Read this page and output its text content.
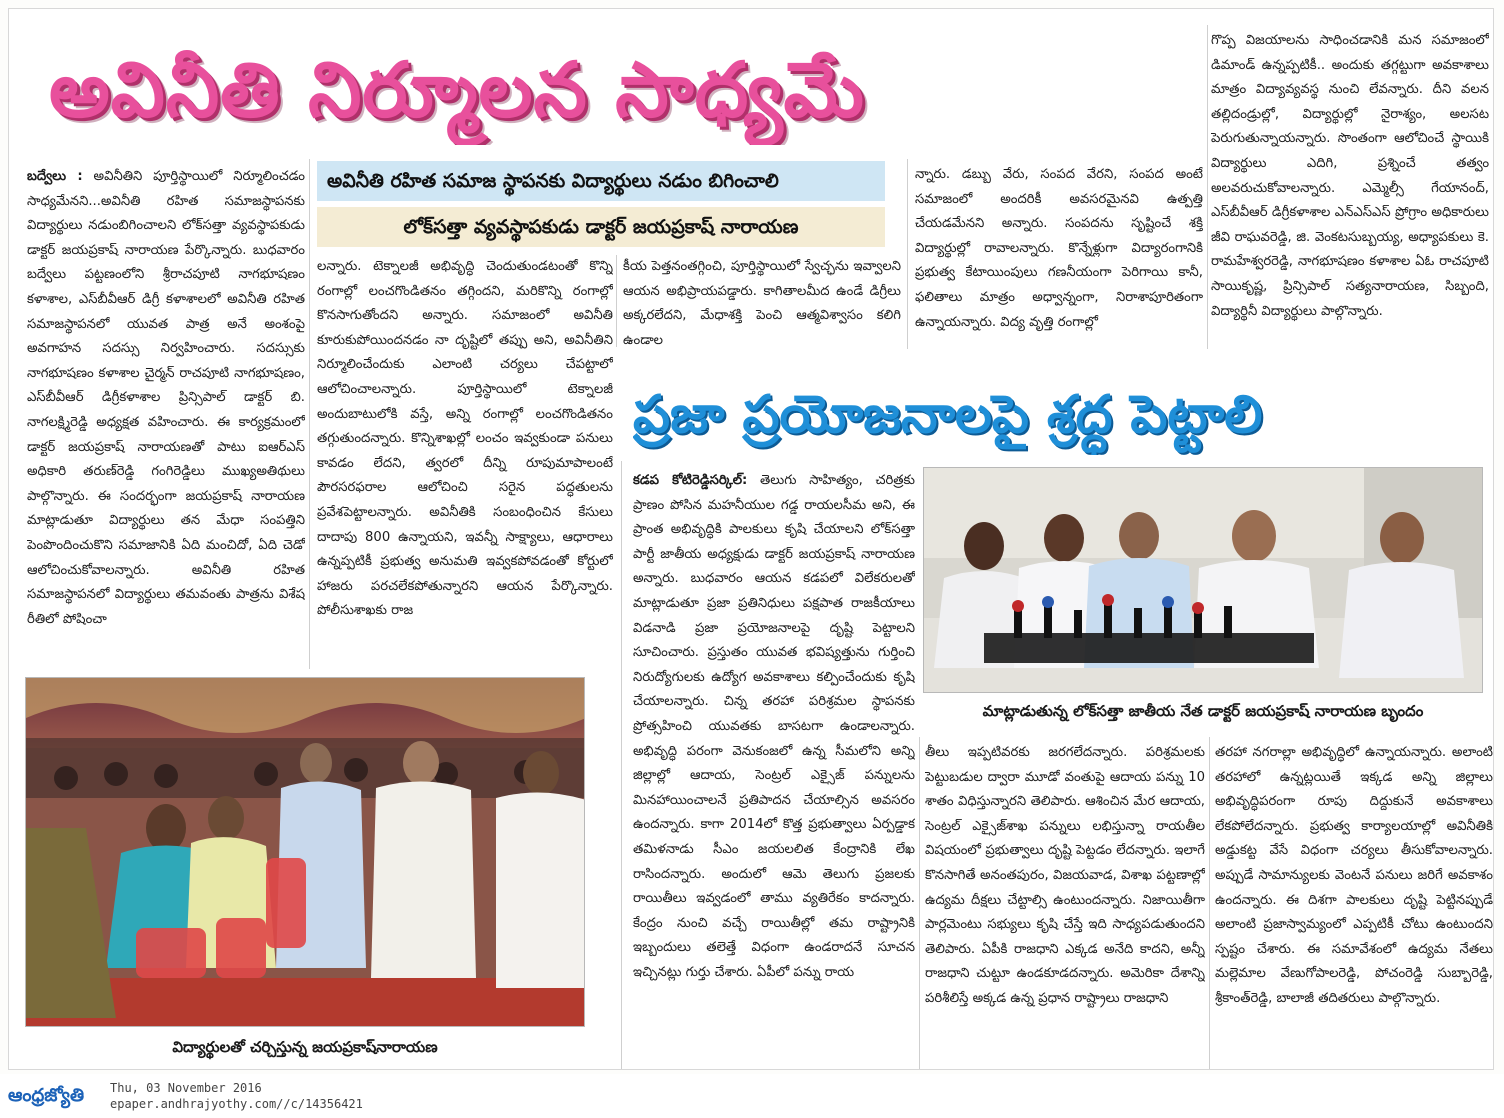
అవినీతి నిర్మూలన సాధ్యమే
అవినీతి రహిత సమాజ స్థాపనకు విద్యార్థులు నడుం బిగించాలి
లోక్‌సత్తా వ్యవస్థాపకుడు డాక్టర్ జయప్రకాష్ నారాయణ

బద్వేలు : అవినీతిని పూర్తిస్థాయిలో నిర్మూలించడం సాధ్యమేనని...అవినీతి రహిత సమాజస్థాపనకు విద్యార్థులు నడుంబిగించాలని లోక్‌సత్తా వ్యవస్థాపకుడు డాక్టర్ జయప్రకాష్ నారాయణ పేర్కొన్నారు. బుధవారం బద్వేలు పట్టణంలోని శ్రీరాచపూటి నాగభూషణం కళాశాల, ఎస్‌బీవీఆర్ డిగ్రీ కళాశాలలో అవినీతి రహిత సమాజస్థాపనలో యువత పాత్ర అనే అంశంపై అవగాహన సదస్సు నిర్వహించారు. సదస్సుకు నాగభూషణం కళాశాల చైర్మన్ రాచపూటి నాగభూషణం, ఎస్‌బీవీఆర్ డిగ్రీకళాశాల ప్రిన్సిపాల్ డాక్టర్ బి. నాగలక్ష్మిరెడ్డి అధ్యక్షత వహించారు. ఈ కార్యక్రమంలో డాక్టర్ జయప్రకాష్ నారాయణతో పాటు ఐఆర్ఎస్ అధికారి తరుణ్‌రెడ్డి గంగిరెడ్డిలు ముఖ్యఅతిథులు పాల్గొన్నారు. ఈ సందర్భంగా జయప్రకాష్ నారాయణ మాట్లాడుతూ విద్యార్థులు తన మేధా సంపత్తిని పెంపొందించుకొని సమాజానికి ఏది మంచిదో, ఏది చెడో ఆలోచించుకోవాలన్నారు. అవినీతి రహిత సమాజస్థాపనలో విద్యార్థులు తమవంతు పాత్రను విశేష రీతిలో పోషించా

లన్నారు. టెక్నాలజీ అభివృద్ధి చెందుతుండటంతో కొన్ని రంగాల్లో లంచగొండితనం తగ్గిందని, మరికొన్ని రంగాల్లో కొనసాగుతోందని అన్నారు. సమాజంలో అవినీతి కూరుకుపోయిందనడం నా దృష్టిలో తప్పు అని, అవినీతిని నిర్మూలించేందుకు ఎలాంటి చర్యలు చేపట్టాలో ఆలోచించాలన్నారు. పూర్తిస్థాయిలో టెక్నాలజీ అందుబాటులోకి వస్తే, అన్ని రంగాల్లో లంచగొండితనం తగ్గుతుందన్నారు. కొన్నిశాఖల్లో లంచం ఇవ్వకుండా పనులు కావడం లేదని, త్వరలో దీన్ని రూపుమాపాలంటే పౌరసరఫరాల ఆలోచించి సరైన పద్ధతులను ప్రవేశపెట్టాలన్నారు. అవినీతికి సంబంధించిన కేసులు దాదాపు 800 ఉన్నాయని, ఇవన్నీ సాక్ష్యాలు, ఆధారాలు ఉన్నప్పటికీ ప్రభుత్వ అనుమతి ఇవ్వకపోవడంతో కోర్టులో హాజరు పరచలేకపోతున్నారని ఆయన పేర్కొన్నారు. పోలీసుశాఖకు రాజ

కీయ పెత్తనంతగ్గించి, పూర్తిస్థాయిలో స్వేచ్ఛను ఇవ్వాలని ఆయన అభిప్రాయపడ్డారు. కాగితాలమీద ఉండే డిగ్రీలు అక్కరలేదని, మేధాశక్తి పెంచి ఆత్మవిశ్వాసం కలిగి ఉండాల

న్నారు. డబ్బు వేరు, సంపద వేరని, సంపద అంటే సమాజంలో అందరికీ అవసరమైనవి ఉత్పత్తి చేయడమేనని అన్నారు. సంపదను సృష్టించే శక్తి విద్యార్థుల్లో రావాలన్నారు. కొన్నేళ్లుగా విద్యారంగానికి ప్రభుత్వ కేటాయింపులు గణనీయంగా పెరిగాయి కానీ, ఫలితాలు మాత్రం అధ్వాన్నంగా, నిరాశాపూరితంగా ఉన్నాయన్నారు. విద్య వృత్తి రంగాల్లో

గొప్ప విజయాలను సాధించడానికి మన సమాజంలో డిమాండ్ ఉన్నప్పటికీ.. అందుకు తగ్గట్టుగా అవకాశాలు మాత్రం విద్యావ్యవస్థ నుంచి లేవన్నారు. దీని వలన తల్లిదండ్రుల్లో, విద్యార్థుల్లో నైరాశ్యం, అలసట పెరుగుతున్నాయన్నారు. సొంతంగా ఆలోచించే స్థాయికి విద్యార్థులు ఎదిగి, ప్రశ్నించే తత్వం అలవరుచుకోవాలన్నారు. ఎమ్మెల్సీ గేయానంద్, ఎస్‌బీవీఆర్ డిగ్రీకళాశాల ఎన్ఎస్ఎస్ ప్రోగ్రాం అధికారులు జీవి రాఘవరెడ్డి, జి. వెంకటసుబ్బయ్య, అధ్యాపకులు కె. రామహేశ్వరరెడ్డి, నాగభూషణం కళాశాల ఏఓ రాచపూటి సాయికృష్ణ, ప్రిన్సిపాల్ సత్యనారాయణ, సిబ్బంది, విద్యార్థినీ విద్యార్థులు పాల్గొన్నారు.

విద్యార్థులతో చర్చిస్తున్న జయప్రకాష్‌నారాయణ
ప్రజా ప్రయోజనాలపై శ్రద్ధ పెట్టాలి

కడప కోటిరెడ్డిసర్కిల్: తెలుగు సాహిత్యం, చరిత్రకు ప్రాణం పోసిన మహనీయుల గడ్డ రాయలసీమ అని, ఈ ప్రాంత అభివృద్ధికి పాలకులు కృషి చేయాలని లోక్‌సత్తా పార్టీ జాతీయ అధ్యక్షుడు డాక్టర్ జయప్రకాష్ నారాయణ అన్నారు. బుధవారం ఆయన కడపలో విలేకరులతో మాట్లాడుతూ ప్రజా ప్రతినిధులు పక్షపాత రాజకీయాలు విడనాడి ప్రజా ప్రయోజనాలపై దృష్టి పెట్టాలని సూచించారు. ప్రస్తుతం యువత భవిష్యత్తును గుర్తించి నిరుద్యోగులకు ఉద్యోగ అవకాశాలు కల్పించేందుకు కృషి చేయాలన్నారు. చిన్న తరహా పరిశ్రమల స్థాపనకు ప్రోత్సహించి యువతకు బాసటగా ఉండాలన్నారు. అభివృద్ధి పరంగా వెనుకంజలో ఉన్న సీమలోని అన్ని జిల్లాల్లో ఆదాయ, సెంట్రల్ ఎక్సైజ్ పన్నులను మినహాయించాలనే ప్రతిపాదన చేయాల్సిన అవసరం ఉందన్నారు. కాగా 2014లో కొత్త ప్రభుత్వాలు ఏర్పడ్డాక తమిళనాడు సీఎం జయలలిత కేంద్రానికి లేఖ రాసిందన్నారు. అందులో ఆమె తెలుగు ప్రజలకు రాయితీలు ఇవ్వడంలో తాము వ్యతిరేకం కాదన్నారు. కేంద్రం నుంచి వచ్చే రాయితీల్లో తమ రాష్ట్రానికి ఇబ్బందులు తలెత్తే విధంగా ఉండరాదనే సూచన ఇచ్చినట్లు గుర్తు చేశారు. ఏపీలో పన్ను రాయ

మాట్లాడుతున్న లోక్‌సత్తా జాతీయ నేత డాక్టర్ జయప్రకాష్ నారాయణ బృందం

తీలు ఇప్పటివరకు జరగలేదన్నారు. పరిశ్రమలకు పెట్టుబడుల ద్వారా మూడో వంతుపై ఆదాయ పన్ను 10 శాతం విధిస్తున్నారని తెలిపారు. ఆశించిన మేర ఆదాయ, సెంట్రల్ ఎక్సైజ్‌శాఖ పన్నులు లభిస్తున్నా రాయతీల విషయంలో ప్రభుత్వాలు దృష్టి పెట్టడం లేదన్నారు. ఇలాగే కొనసాగితే అనంతపురం, విజయవాడ, విశాఖ పట్టణాల్లో ఉద్యమ దీక్షలు చేట్టాల్సి ఉంటుందన్నారు. నిజాయితీగా పార్లమెంటు సభ్యులు కృషి చేస్తే ఇది సాధ్యపడుతుందని తెలిపారు. ఏపీకి రాజధాని ఎక్కడ అనేది కాదని, అన్నీ రాజధాని చుట్టూ ఉండకూడదన్నారు. అమెరికా దేశాన్ని పరిశీలిస్తే అక్కడ ఉన్న ప్రధాన రాష్ట్రాలు రాజధాని

తరహా నగరాల్లా అభివృద్ధిలో ఉన్నాయన్నారు. అలాంటి తరహాలో ఉన్నట్లయితే ఇక్కడ అన్ని జిల్లాలు అభివృద్ధిపరంగా రూపు దిద్దుకునే అవకాశాలు లేకపోలేదన్నారు. ప్రభుత్వ కార్యాలయాల్లో అవినీతికి అడ్డుకట్ట వేసే విధంగా చర్యలు తీసుకోవాలన్నారు. అప్పుడే సామాన్యులకు వెంటనే పనులు జరిగే అవకాశం ఉందన్నారు. ఈ దిశగా పాలకులు దృష్టి పెట్టినప్పుడే అలాంటి ప్రజాస్వామ్యంలో ఎప్పటికీ చోటు ఉంటుందని స్పష్టం చేశారు. ఈ సమావేశంలో ఉద్యమ నేతలు మల్లెమాల వేణుగోపాలరెడ్డి, పోచంరెడ్డి సుబ్బారెడ్డి, శ్రీకాంత్‌రెడ్డి, బాలాజీ తదితరులు పాల్గొన్నారు.

ఆంధ్రజ్యోతి	Thu, 03 November 2016
epaper.andhrajyothy.com//c/14356421
